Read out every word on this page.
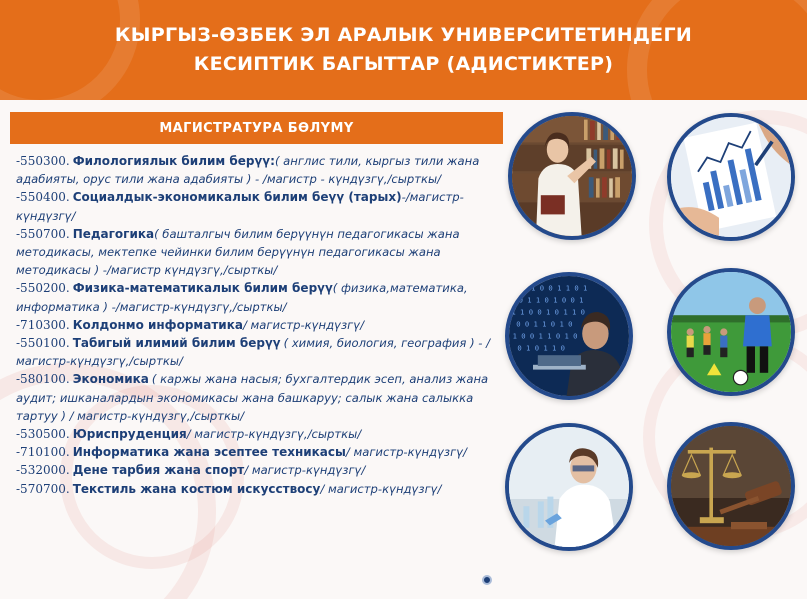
КЫРГЫЗ-ӨЗБЕК ЭЛ АРАЛЫК УНИВЕРСИТЕТИНДЕГИ
КЕСИПТИК БАГЫТТАР (АДИСТИКТЕР)
МАГИСТРАТУРА БӨЛҮМҮ
-550300. Филологиялык билим берүү:( англис тили, кыргыз тили жана адабияты, орус тили жана адабияты ) - /магистр - күндүзгү,/сырткы/
-550400. Социалдык-экономикалык билим беүү (тарых)-/магистр-күндүзгү/
-550700. Педагогика( башталгыч билим берүүнүн педагогикасы жана методикасы, мектепке чейинки билим берүүнүн педагогикасы жана методикасы ) -/магистр күндүзгү,/сырткы/
-550200. Физика-математикалык билим берүү( физика,математика, информатика ) -/магистр-күндүзгү,/сырткы/
-710300. Колдонмо информатика/ магистр-күндүзгү/
-550100. Табигый илимий билим берүү ( химия, биология, география ) - / магистр-күндүзгү,/сырткы/
-580100. Экономика ( каржы жана насыя; бухгалтердик эсеп, анализ жана аудит; ишканалардын экономикасы жана башкаруу; салык жана салыкка тартуу ) / магистр-күндүзгү,/сырткы/
-530500. Юриспруденция/ магистр-күндүзгү,/сырткы/
-710100. Информатика жана эсептее техникасы/ магистр-күндүзгү/
-532000. Дене тарбия жана спорт/ магистр-күндүзгү/
-570700. Текстиль жана костюм искусствосу/ магистр-күндүзгү/
1 0 1 0 0 1 1 0 1
0 1 1 0 1 0 0 1
1 1 0 0 1 0 1 1 0
0 0 1 1 0 1 0
1 0 0 1 1 0 1 0
0 1 0 1 1 0
